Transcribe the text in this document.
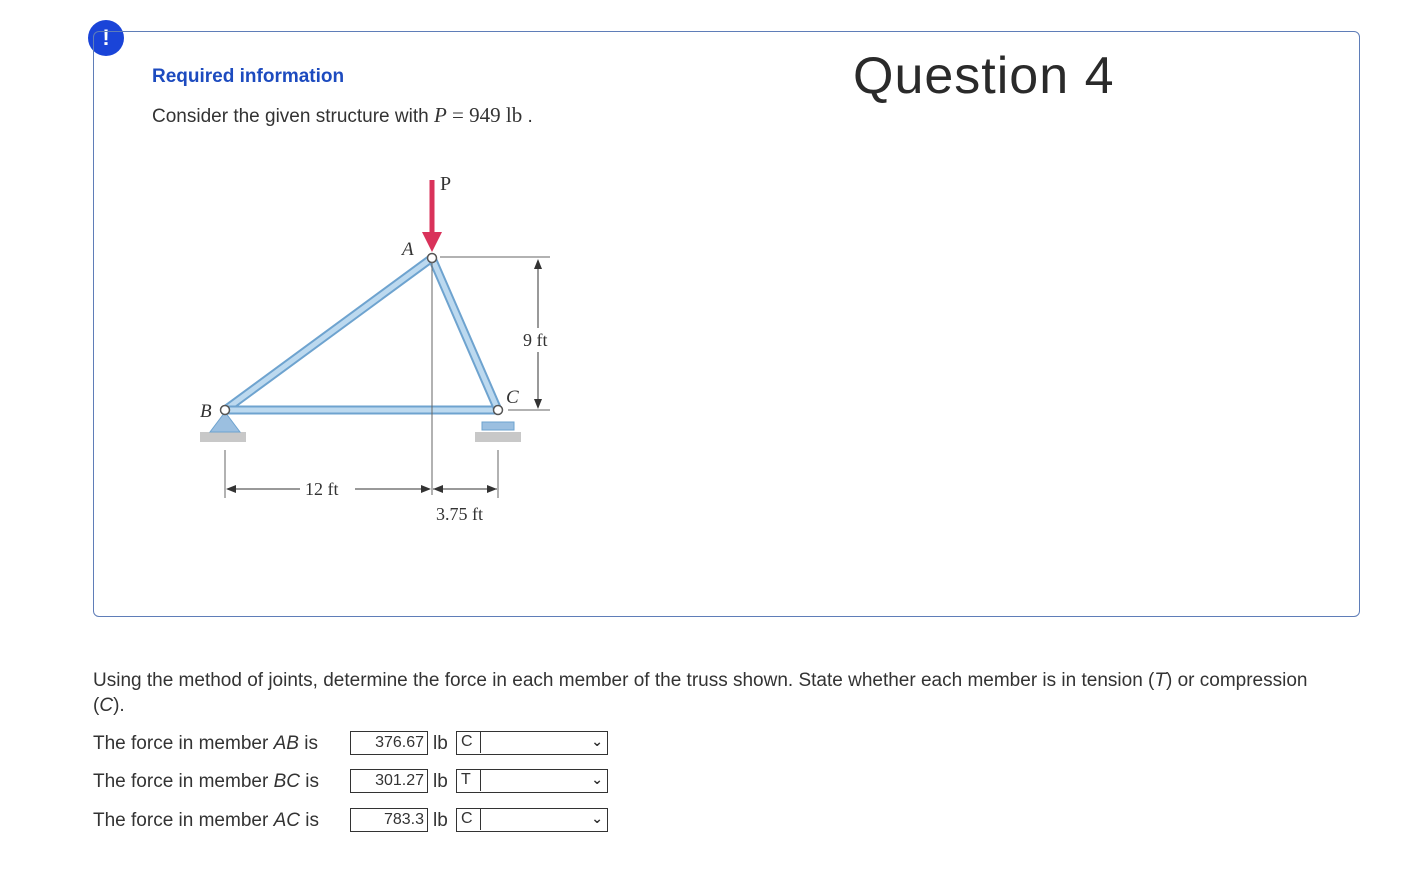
!
Required information	Question 4
Consider the given structure with P = 949 lb .
P
A
B
C
9 ft
12 ft
3.75 ft
Using the method of joints, determine the force in each member of the truss shown. State whether each member is in tension (T) or compression (C).
The force in member AB is	376.67 lb C	⌄
The force in member BC is	301.27 lb T	⌄
The force in member AC is	783.3 lb C	⌄
